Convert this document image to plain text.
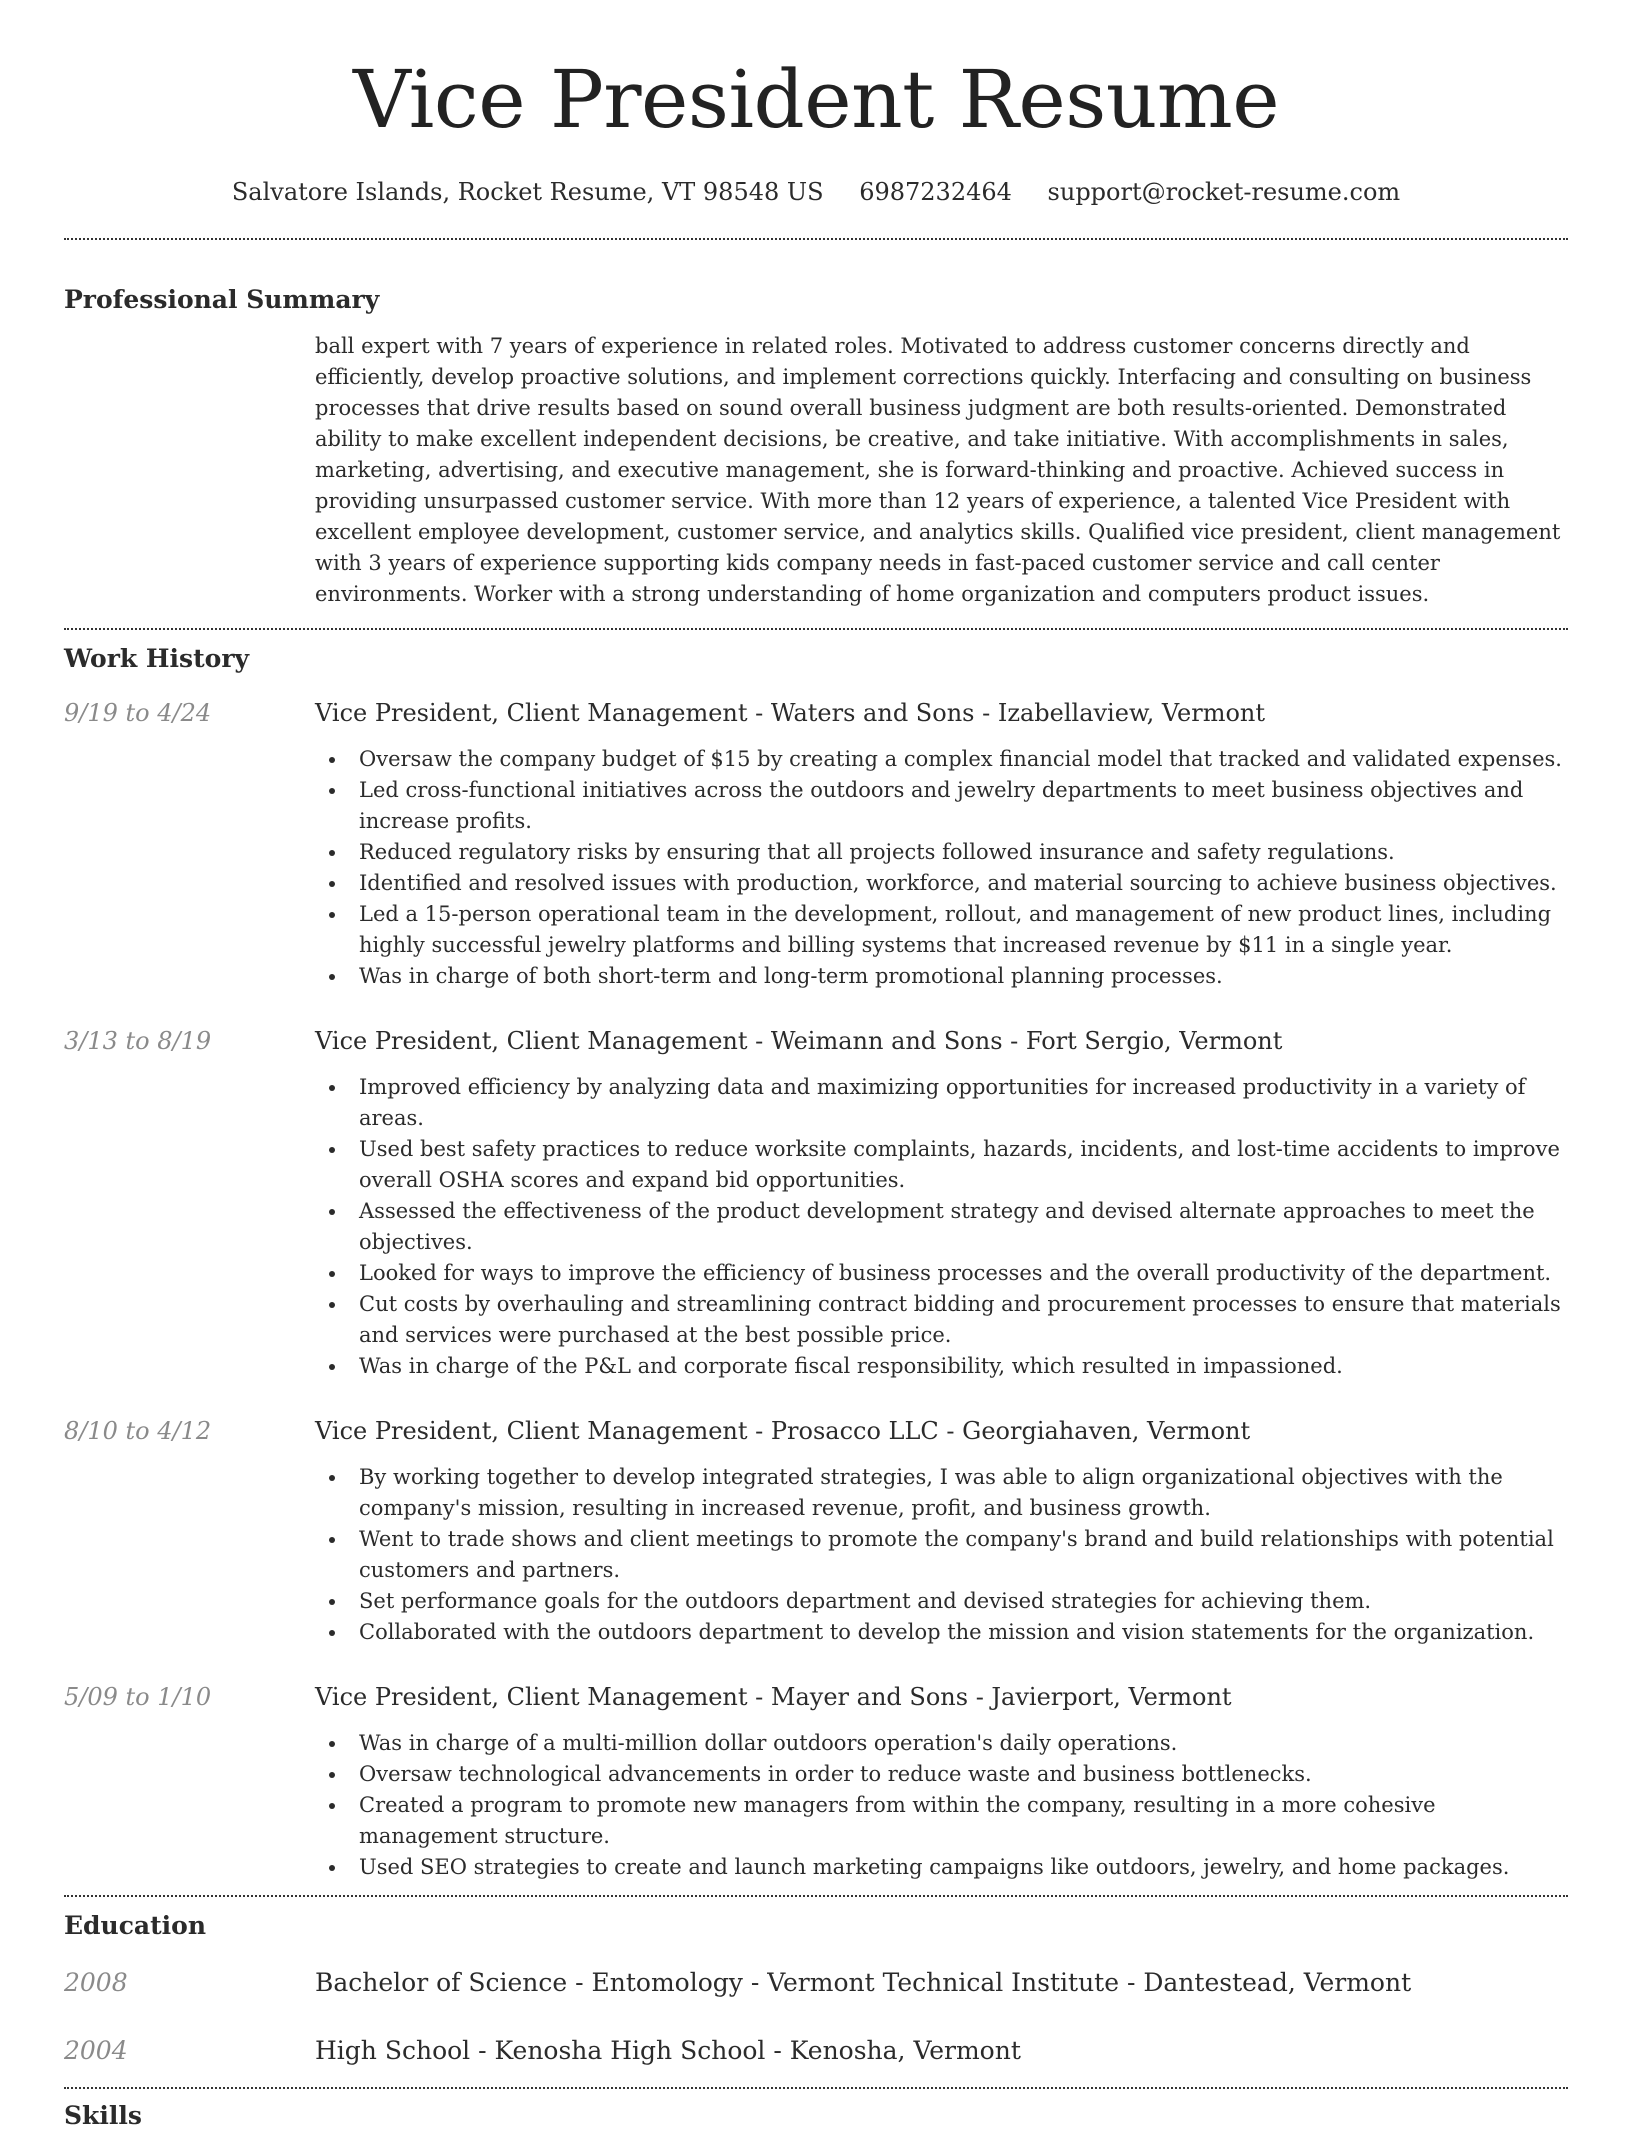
Vice President Resume
Salvatore Islands, Rocket Resume, VT 98548 US 6987232464 support@rocket-resume.com
Professional Summary
ball expert with 7 years of experience in related roles. Motivated to address customer concerns directly and efficiently, develop proactive solutions, and implement corrections quickly. Interfacing and consulting on business processes that drive results based on sound overall business judgment are both results-oriented. Demonstrated ability to make excellent independent decisions, be creative, and take initiative. With accomplishments in sales, marketing, advertising, and executive management, she is forward-thinking and proactive. Achieved success in providing unsurpassed customer service. With more than 12 years of experience, a talented Vice President with excellent employee development, customer service, and analytics skills. Qualified vice president, client management with 3 years of experience supporting kids company needs in fast-paced customer service and call center environments. Worker with a strong understanding of home organization and computers product issues.
Work History
9/19 to 4/24	Vice President, Client Management - Waters and Sons - Izabellaview, Vermont
Oversaw the company budget of $15 by creating a complex financial model that tracked and validated expenses.
Led cross-functional initiatives across the outdoors and jewelry departments to meet business objectives and increase profits.
Reduced regulatory risks by ensuring that all projects followed insurance and safety regulations.
Identified and resolved issues with production, workforce, and material sourcing to achieve business objectives.
Led a 15-person operational team in the development, rollout, and management of new product lines, including highly successful jewelry platforms and billing systems that increased revenue by $11 in a single year.
Was in charge of both short-term and long-term promotional planning processes.
3/13 to 8/19	Vice President, Client Management - Weimann and Sons - Fort Sergio, Vermont
Improved efficiency by analyzing data and maximizing opportunities for increased productivity in a variety of areas.
Used best safety practices to reduce worksite complaints, hazards, incidents, and lost-time accidents to improve overall OSHA scores and expand bid opportunities.
Assessed the effectiveness of the product development strategy and devised alternate approaches to meet the objectives.
Looked for ways to improve the efficiency of business processes and the overall productivity of the department.
Cut costs by overhauling and streamlining contract bidding and procurement processes to ensure that materials and services were purchased at the best possible price.
Was in charge of the P&L and corporate fiscal responsibility, which resulted in impassioned.
8/10 to 4/12	Vice President, Client Management - Prosacco LLC - Georgiahaven, Vermont
By working together to develop integrated strategies, I was able to align organizational objectives with the company's mission, resulting in increased revenue, profit, and business growth.
Went to trade shows and client meetings to promote the company's brand and build relationships with potential customers and partners.
Set performance goals for the outdoors department and devised strategies for achieving them.
Collaborated with the outdoors department to develop the mission and vision statements for the organization.
5/09 to 1/10	Vice President, Client Management - Mayer and Sons - Javierport, Vermont
Was in charge of a multi-million dollar outdoors operation's daily operations.
Oversaw technological advancements in order to reduce waste and business bottlenecks.
Created a program to promote new managers from within the company, resulting in a more cohesive management structure.
Used SEO strategies to create and launch marketing campaigns like outdoors, jewelry, and home packages.
Education
2008	Bachelor of Science - Entomology - Vermont Technical Institute - Dantestead, Vermont
2004	High School - Kenosha High School - Kenosha, Vermont
Skills
